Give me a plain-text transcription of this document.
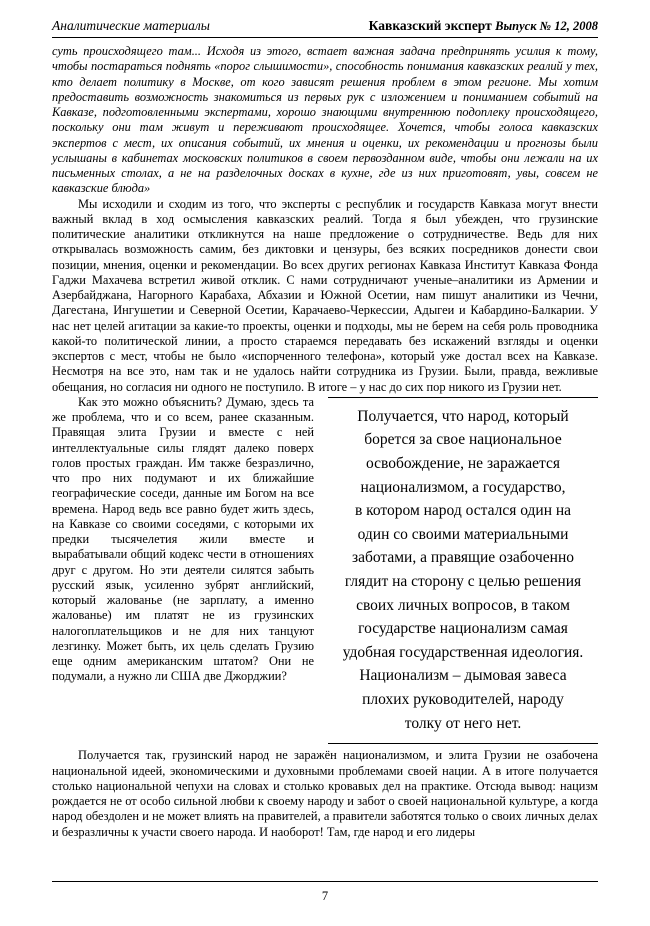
Аналитические материалы	Кавказский эксперт Выпуск № 12, 2008

суть происходящего там... Исходя из этого, встает важная задача предпринять усилия к тому, чтобы постараться поднять «порог слышимости», способность понимания кавказских реалий у тех, кто делает политику в Москве, от кого зависят решения проблем в этом регионе. Мы хотим предоставить возможность знакомиться из первых рук с изложением и пониманием событий на Кавказе, подготовленными экспертами, хорошо знающими внутреннюю подоплеку происходящего, поскольку они там живут и переживают происходящее. Хочется, чтобы голоса кавказских экспертов с мест, их описания событий, их мнения и оценки, их рекомендации и прогнозы были услышаны в кабинетах московских политиков в своем первозданном виде, чтобы они лежали на их письменных столах, а не на разделочных досках в кухне, где из них приготовят, увы, совсем не кавказские блюда»

Мы исходили и сходим из того, что эксперты с республик и государств Кавказа могут внести важный вклад в ход осмысления кавказских реалий. Тогда я был убежден, что грузинские политические аналитики откликнутся на наше предложение о сотрудничестве. Ведь для них открывалась возможность самим, без диктовки и цензуры, без всяких посредников донести свои позиции, мнения, оценки и рекомендации. Во всех других регионах Кавказа Институт Кавказа Фонда Гаджи Махачева встретил живой отклик. С нами сотрудничают ученые–аналитики из Армении и Азербайджана, Нагорного Карабаха, Абхазии и Южной Осетии, нам пишут аналитики из Чечни, Дагестана, Ингушетии и Северной Осетии, Карачаево-Черкессии, Адыгеи и Кабардино-Балкарии. У нас нет целей агитации за какие-то проекты, оценки и подходы, мы не берем на себя роль проводника какой-то политической линии, а просто стараемся передавать без искажений взгляды и оценки экспертов с мест, чтобы не было «испорченного телефона», который уже достал всех на Кавказе. Несмотря на все это, нам так и не удалось найти сотрудника из Грузии. Были, правда, вежливые обещания, но согласия ни одного не поступило. В итоге – у нас до сих пор никого из Грузии нет.

Получается, что народ, который

борется за свое национальное

освобождение, не заражается

национализмом, а государство,

в котором народ остался один на

один со своими материальными

заботами, а правящие озабоченно

глядит на сторону с целью решения

своих личных вопросов, в таком

государстве национализм самая

удобная государственная идеология.

Национализм – дымовая завеса

плохих руководителей, народу

толку от него нет.

Как это можно объяснить? Думаю, здесь та же проблема, что и со всем, ранее сказанным. Правящая элита Грузии и вместе с ней интеллектуальные силы глядят далеко поверх голов простых граждан. Им также безразлично, что про них подумают и их ближайшие географические соседи, данные им Богом на все времена. Народ ведь все равно будет жить здесь, на Кавказе со своими соседями, с которыми их предки тысячелетия жили вместе и вырабатывали общий кодекс чести в отношениях друг с другом. Но эти деятели силятся забыть русский язык, усиленно зубрят английский, который жалованье (не зарплату, а именно жалованье) им платят не из грузинских налогоплательщиков и не для них танцуют лезгинку. Может быть, их цель сделать Грузию еще одним американским штатом? Они не подумали, а нужно ли США две Джорджии?

Получается так, грузинский народ не заражён национализмом, и элита Грузии не озабочена национальной идеей, экономическими и духовными проблемами своей нации. А в итоге получается столько национальной чепухи на словах и столько кровавых дел на практике. Отсюда вывод: нацизм рождается не от особо сильной любви к своему народу и забот о своей национальной культуре, а когда народ обездолен и не может влиять на правителей, а правители заботятся только о своих личных делах и безразличны к участи своего народа. И наоборот! Там, где народ и его лидеры

7
